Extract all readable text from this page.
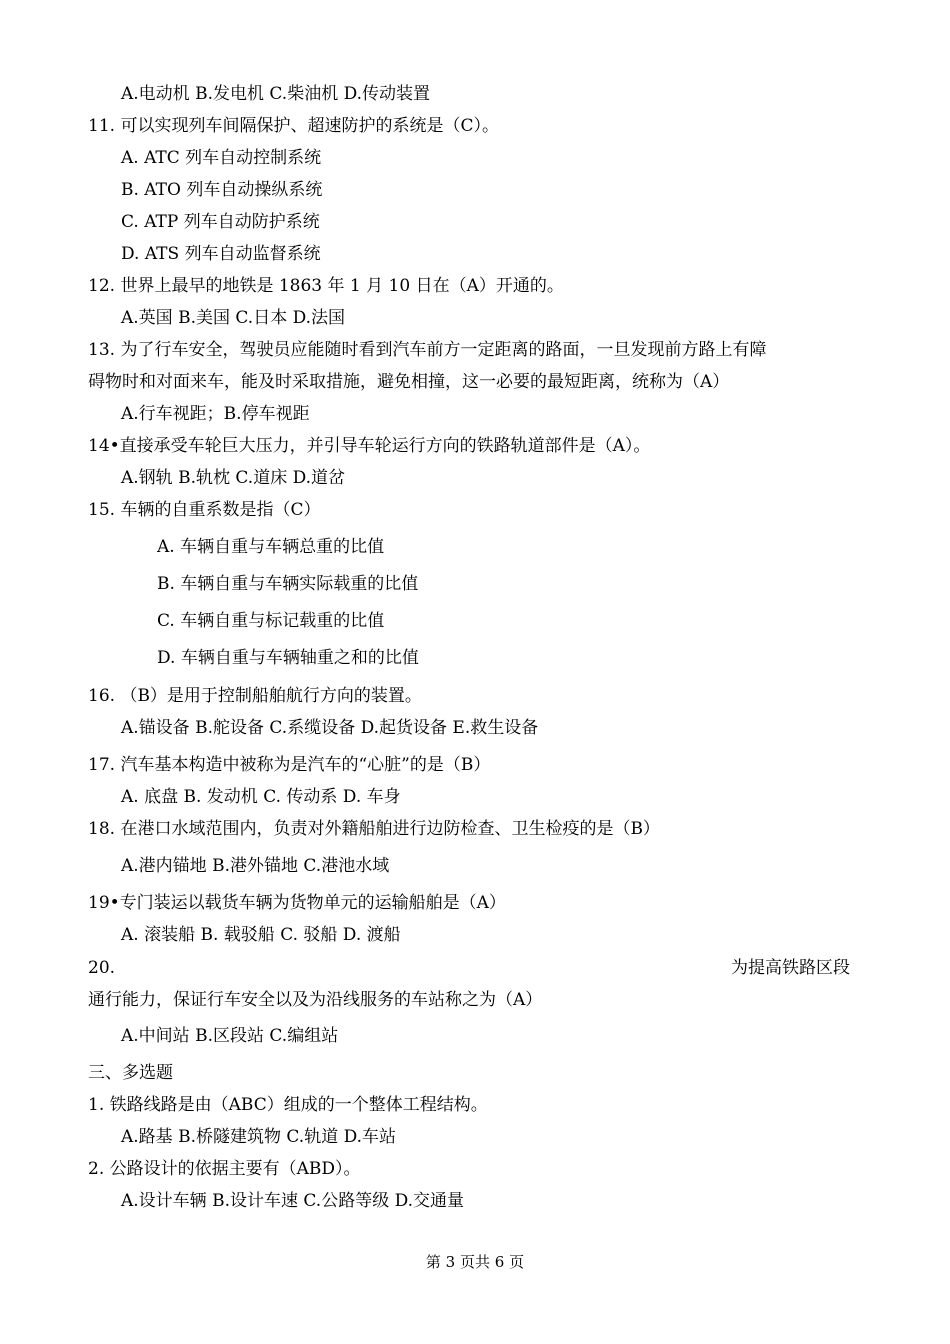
A.电动机 B.发电机 C.柴油机 D.传动装置
11. 可以实现列车间隔保护、超速防护的系统是（C）。
A. ATC 列车自动控制系统
B. ATO 列车自动操纵系统
C. ATP 列车自动防护系统
D. ATS 列车自动监督系统
12. 世界上最早的地铁是 1863 年 1 月 10 日在（A）开通的。
A.英国 B.美国 C.日本 D.法国
13. 为了行车安全，驾驶员应能随时看到汽车前方一定距离的路面，一旦发现前方路上有障
碍物时和对面来车，能及时采取措施，避免相撞，这一必要的最短距离，统称为（A）
A.行车视距；B.停车视距
14•直接承受车轮巨大压力，并引导车轮运行方向的铁路轨道部件是（A）。
A.钢轨 B.轨枕 C.道床 D.道岔
15. 车辆的自重系数是指（C）
A. 车辆自重与车辆总重的比值
B. 车辆自重与车辆实际载重的比值
C. 车辆自重与标记载重的比值
D. 车辆自重与车辆轴重之和的比值
16. （B）是用于控制船舶航行方向的装置。
A.锚设备 B.舵设备 C.系缆设备 D.起货设备 E.救生设备
17. 汽车基本构造中被称为是汽车的“心脏”的是（B）
A. 底盘 B. 发动机 C. 传动系 D. 车身
18. 在港口水域范围内，负责对外籍船舶进行边防检查、卫生检疫的是（B）
A.港内锚地 B.港外锚地 C.港池水域
19•专门装运以载货车辆为货物单元的运输船舶是（A）
A. 滚装船 B. 载驳船 C. 驳船 D. 渡船
20.	为提高铁路区段
通行能力，保证行车安全以及为沿线服务的车站称之为（A）
A.中间站 B.区段站 C.编组站
三、多选题
1. 铁路线路是由（ABC）组成的一个整体工程结构。
A.路基 B.桥隧建筑物 C.轨道 D.车站
2. 公路设计的依据主要有（ABD）。
A.设计车辆 B.设计车速 C.公路等级 D.交通量
第 3 页共 6 页
